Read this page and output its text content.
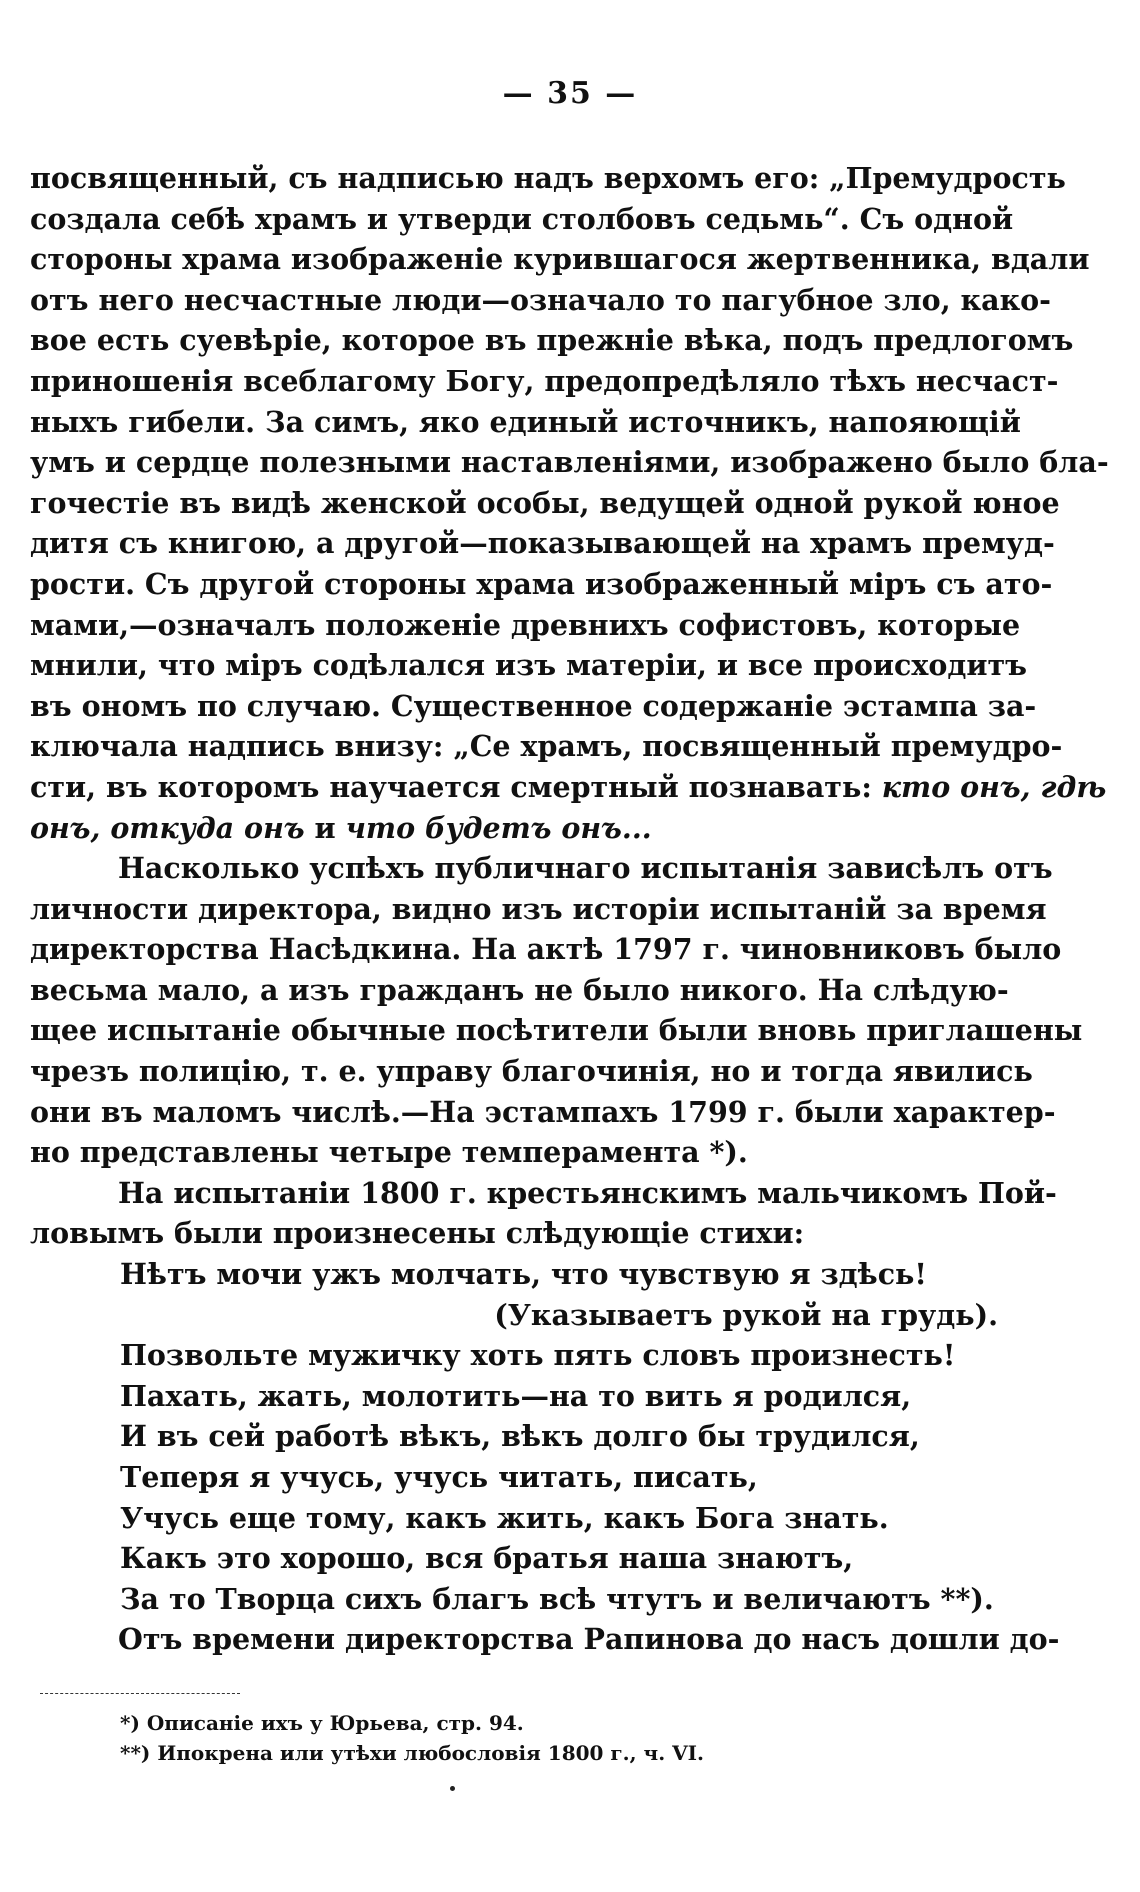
— 35 —
посвященный, съ надписью надъ верхомъ его: „Премудрость
создала себѣ храмъ и утверди столбовъ седьмь“. Съ одной
стороны храма изображеніе курившагося жертвенника, вдали
отъ него несчастные люди—означало то пагубное зло, како-
вое есть суевѣріе, которое въ прежніе вѣка, подъ предлогомъ
приношенія всеблагому Богу, предопредѣляло тѣхъ несчаст-
ныхъ гибели. За симъ, яко единый источникъ, напояющій
умъ и сердце полезными наставленіями, изображено было бла-
гочестіе въ видѣ женской особы, ведущей одной рукой юное
дитя съ книгою, а другой—показывающей на храмъ премуд-
рости. Съ другой стороны храма изображенный міръ съ ато-
мами,—означалъ положеніе древнихъ софистовъ, которые
мнили, что міръ содѣлался изъ матеріи, и все происходитъ
въ ономъ по случаю. Существенное содержаніе эстампа за-
ключала надпись внизу: „Се храмъ, посвященный премудро-
сти, въ которомъ научается смертный познавать: кто онъ, гдѣ
онъ, откуда онъ и что будетъ онъ...
Насколько успѣхъ публичнаго испытанія зависѣлъ отъ
личности директора, видно изъ исторіи испытаній за время
директорства Насѣдкина. На актѣ 1797 г. чиновниковъ было
весьма мало, а изъ гражданъ не было никого. На слѣдую-
щее испытаніе обычные посѣтители были вновь приглашены
чрезъ полицію, т. е. управу благочинія, но и тогда явились
они въ маломъ числѣ.—На эстампахъ 1799 г. были характер-
но представлены четыре темперамента *).
На испытаніи 1800 г. крестьянскимъ мальчикомъ Пой-
ловымъ были произнесены слѣдующіе стихи:
Нѣтъ мочи ужъ молчать, что чувствую я здѣсь!
(Указываетъ рукой на грудь).
Позвольте мужичку хоть пять словъ произнесть!
Пахать, жать, молотить—на то вить я родился,
И въ сей работѣ вѣкъ, вѣкъ долго бы трудился,
Теперя я учусь, учусь читать, писать,
Учусь еще тому, какъ жить, какъ Бога знать.
Какъ это хорошо, вся братья наша знаютъ,
За то Творца сихъ благъ всѣ чтутъ и величаютъ **).
Отъ времени директорства Рапинова до насъ дошли до-
*) Описаніе ихъ у Юрьева, стр. 94.
**) Ипокрена или утѣхи любословія 1800 г., ч. VI.
